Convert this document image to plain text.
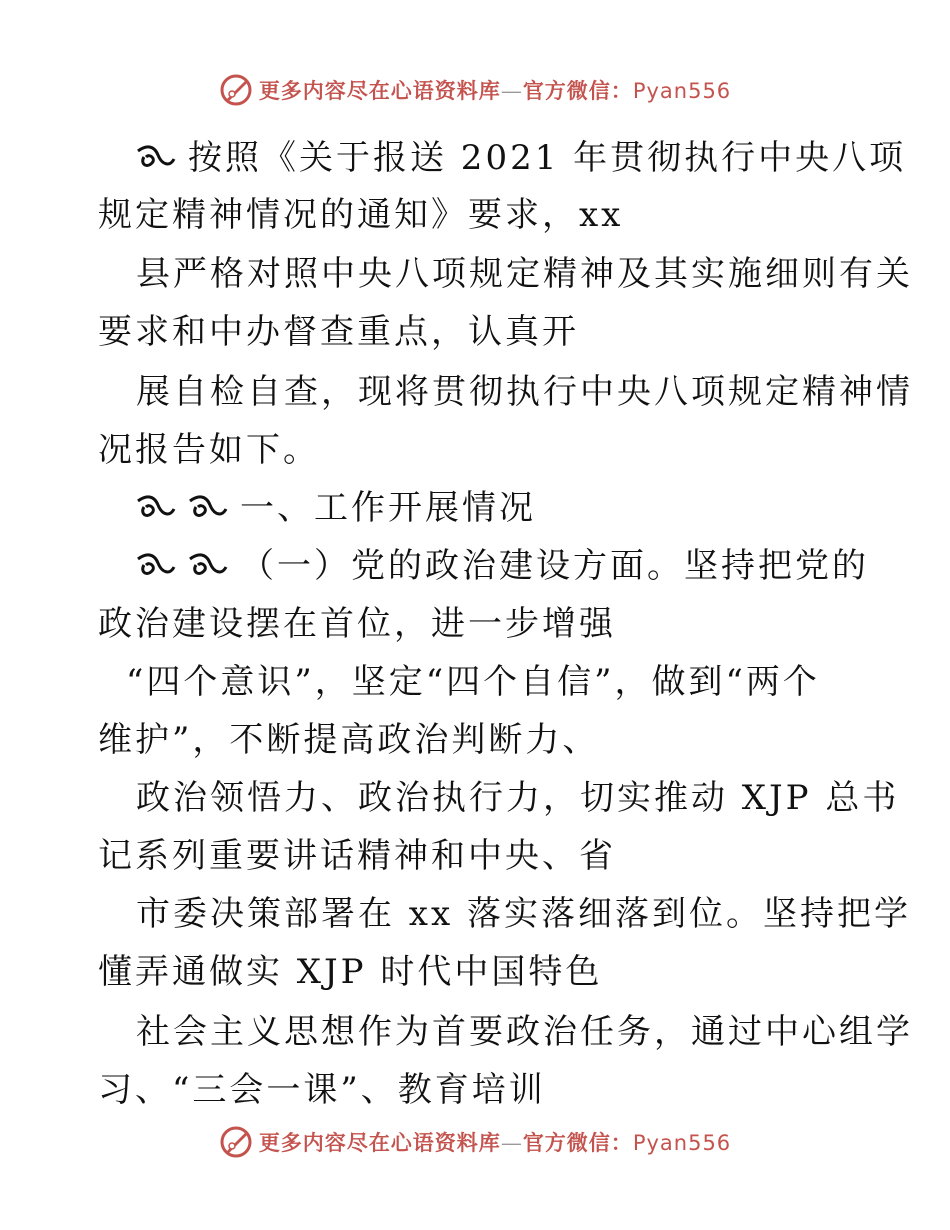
更多内容尽在心语资料库—官方微信：Pyan556
按照《关于报送 2021 年贯彻执行中央八项
规定精神情况的通知》要求，xx
县严格对照中央八项规定精神及其实施细则有关
要求和中办督查重点，认真开
展自检自查，现将贯彻执行中央八项规定精神情
况报告如下。
一、工作开展情况
（一）党的政治建设方面。坚持把党的
政治建设摆在首位，进一步增强
“四个意识”，坚定“四个自信”，做到“两个
维护”，不断提高政治判断力、
政治领悟力、政治执行力，切实推动 XJP 总书
记系列重要讲话精神和中央、省
市委决策部署在 xx 落实落细落到位。坚持把学
懂弄通做实 XJP 时代中国特色
社会主义思想作为首要政治任务，通过中心组学
习、“三会一课”、教育培训
更多内容尽在心语资料库—官方微信：Pyan556
